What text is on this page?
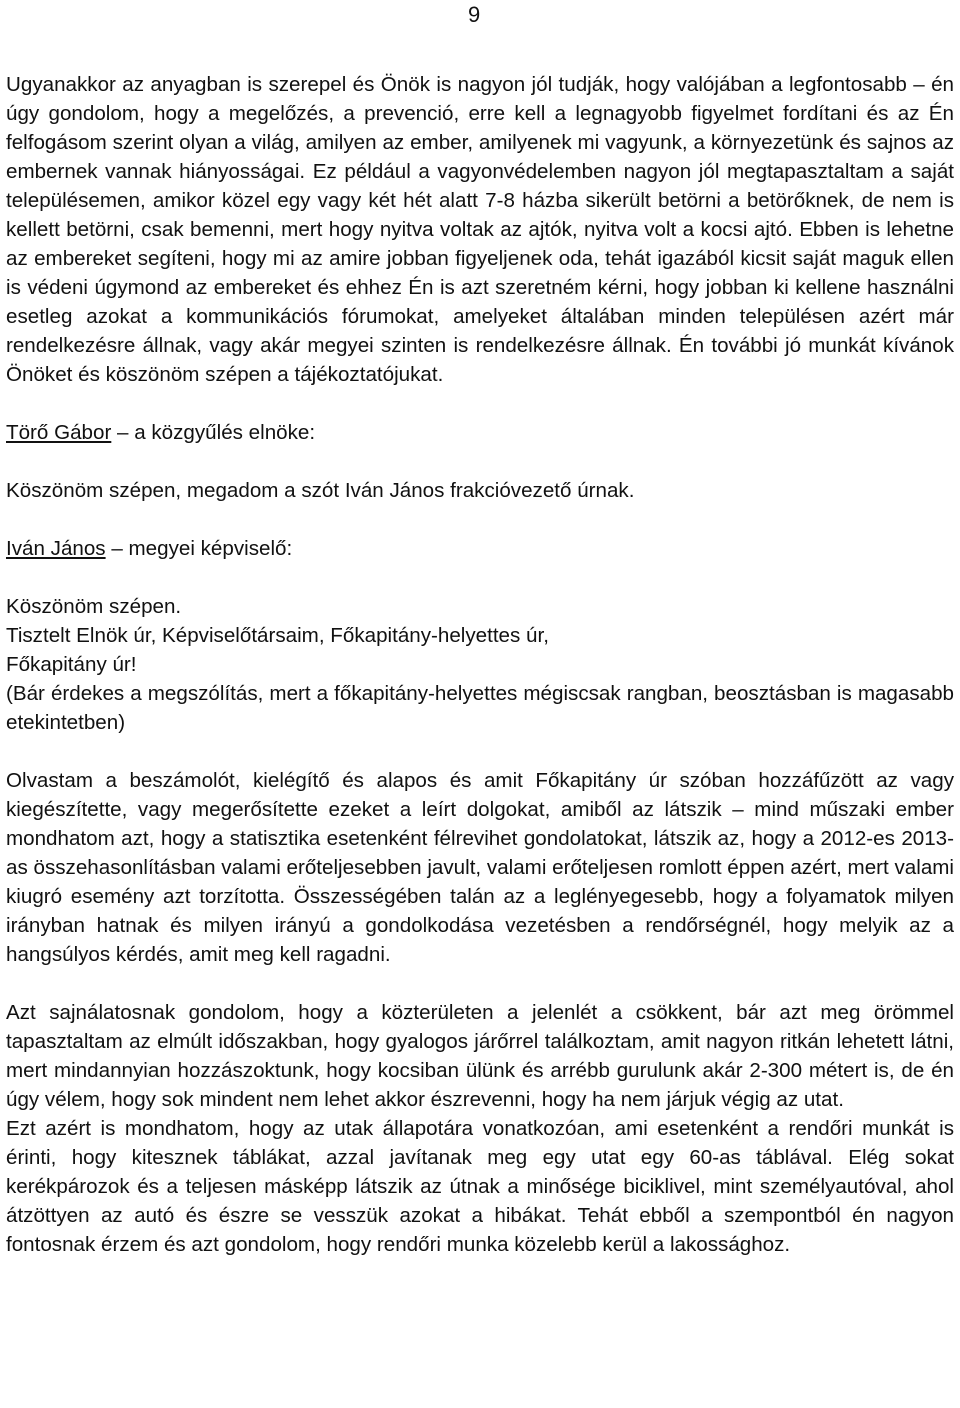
9

Ugyanakkor az anyagban is szerepel és Önök is nagyon jól tudják, hogy valójában a legfontosabb – én úgy gondolom, hogy a megelőzés, a prevenció, erre kell a legnagyobb figyelmet fordítani és az Én felfogásom szerint olyan a világ, amilyen az ember, amilyenek mi vagyunk, a környezetünk és sajnos az embernek vannak hiányosságai. Ez például a vagyonvédelemben nagyon jól megtapasztaltam a saját településemen, amikor közel egy vagy két hét alatt 7-8 házba sikerült betörni a betörőknek, de nem is kellett betörni, csak bemenni, mert hogy nyitva voltak az ajtók, nyitva volt a kocsi ajtó. Ebben is lehetne az embereket segíteni, hogy mi az amire jobban figyeljenek oda, tehát igazából kicsit saját maguk ellen is védeni úgymond az embereket és ehhez Én is azt szeretném kérni, hogy jobban ki kellene használni esetleg azokat a kommunikációs fórumokat, amelyeket általában minden településen azért már rendelkezésre állnak, vagy akár megyei szinten is rendelkezésre állnak. Én további jó munkát kívánok Önöket és köszönöm szépen a tájékoztatójukat.

Törő Gábor – a közgyűlés elnöke:

Köszönöm szépen, megadom a szót Iván János frakcióvezető úrnak.

Iván János – megyei képviselő:

Köszönöm szépen.

Tisztelt Elnök úr, Képviselőtársaim, Főkapitány-helyettes úr,

Főkapitány úr!

(Bár érdekes a megszólítás, mert a főkapitány-helyettes mégiscsak rangban, beosztásban is magasabb etekintetben)

Olvastam a beszámolót, kielégítő és alapos és amit Főkapitány úr szóban hozzáfűzött az vagy kiegészítette, vagy megerősítette ezeket a leírt dolgokat, amiből az látszik – mind műszaki ember mondhatom azt, hogy a statisztika esetenként félrevihet gondolatokat, látszik az, hogy a 2012-es 2013-as összehasonlításban valami erőteljesebben javult, valami erőteljesen romlott éppen azért, mert valami kiugró esemény azt torzította. Összességében talán az a leglényegesebb, hogy a folyamatok milyen irányban hatnak és milyen irányú a gondolkodása vezetésben a rendőrségnél, hogy melyik az a hangsúlyos kérdés, amit meg kell ragadni.

Azt sajnálatosnak gondolom, hogy a közterületen a jelenlét a csökkent, bár azt meg örömmel tapasztaltam az elmúlt időszakban, hogy gyalogos járőrrel találkoztam, amit nagyon ritkán lehetett látni, mert mindannyian hozzászoktunk, hogy kocsiban ülünk és arrébb gurulunk akár 2-300 métert is, de én úgy vélem, hogy sok mindent nem lehet akkor észrevenni, hogy ha nem járjuk végig az utat.

Ezt azért is mondhatom, hogy az utak állapotára vonatkozóan, ami esetenként a rendőri munkát is érinti, hogy kitesznek táblákat, azzal javítanak meg egy utat egy 60-as táblával. Elég sokat kerékpározok és a teljesen másképp látszik az útnak a minősége biciklivel, mint személyautóval, ahol átzöttyen az autó és észre se vesszük azokat a hibákat. Tehát ebből a szempontból én nagyon fontosnak érzem és azt gondolom, hogy rendőri munka közelebb kerül a lakossághoz.
